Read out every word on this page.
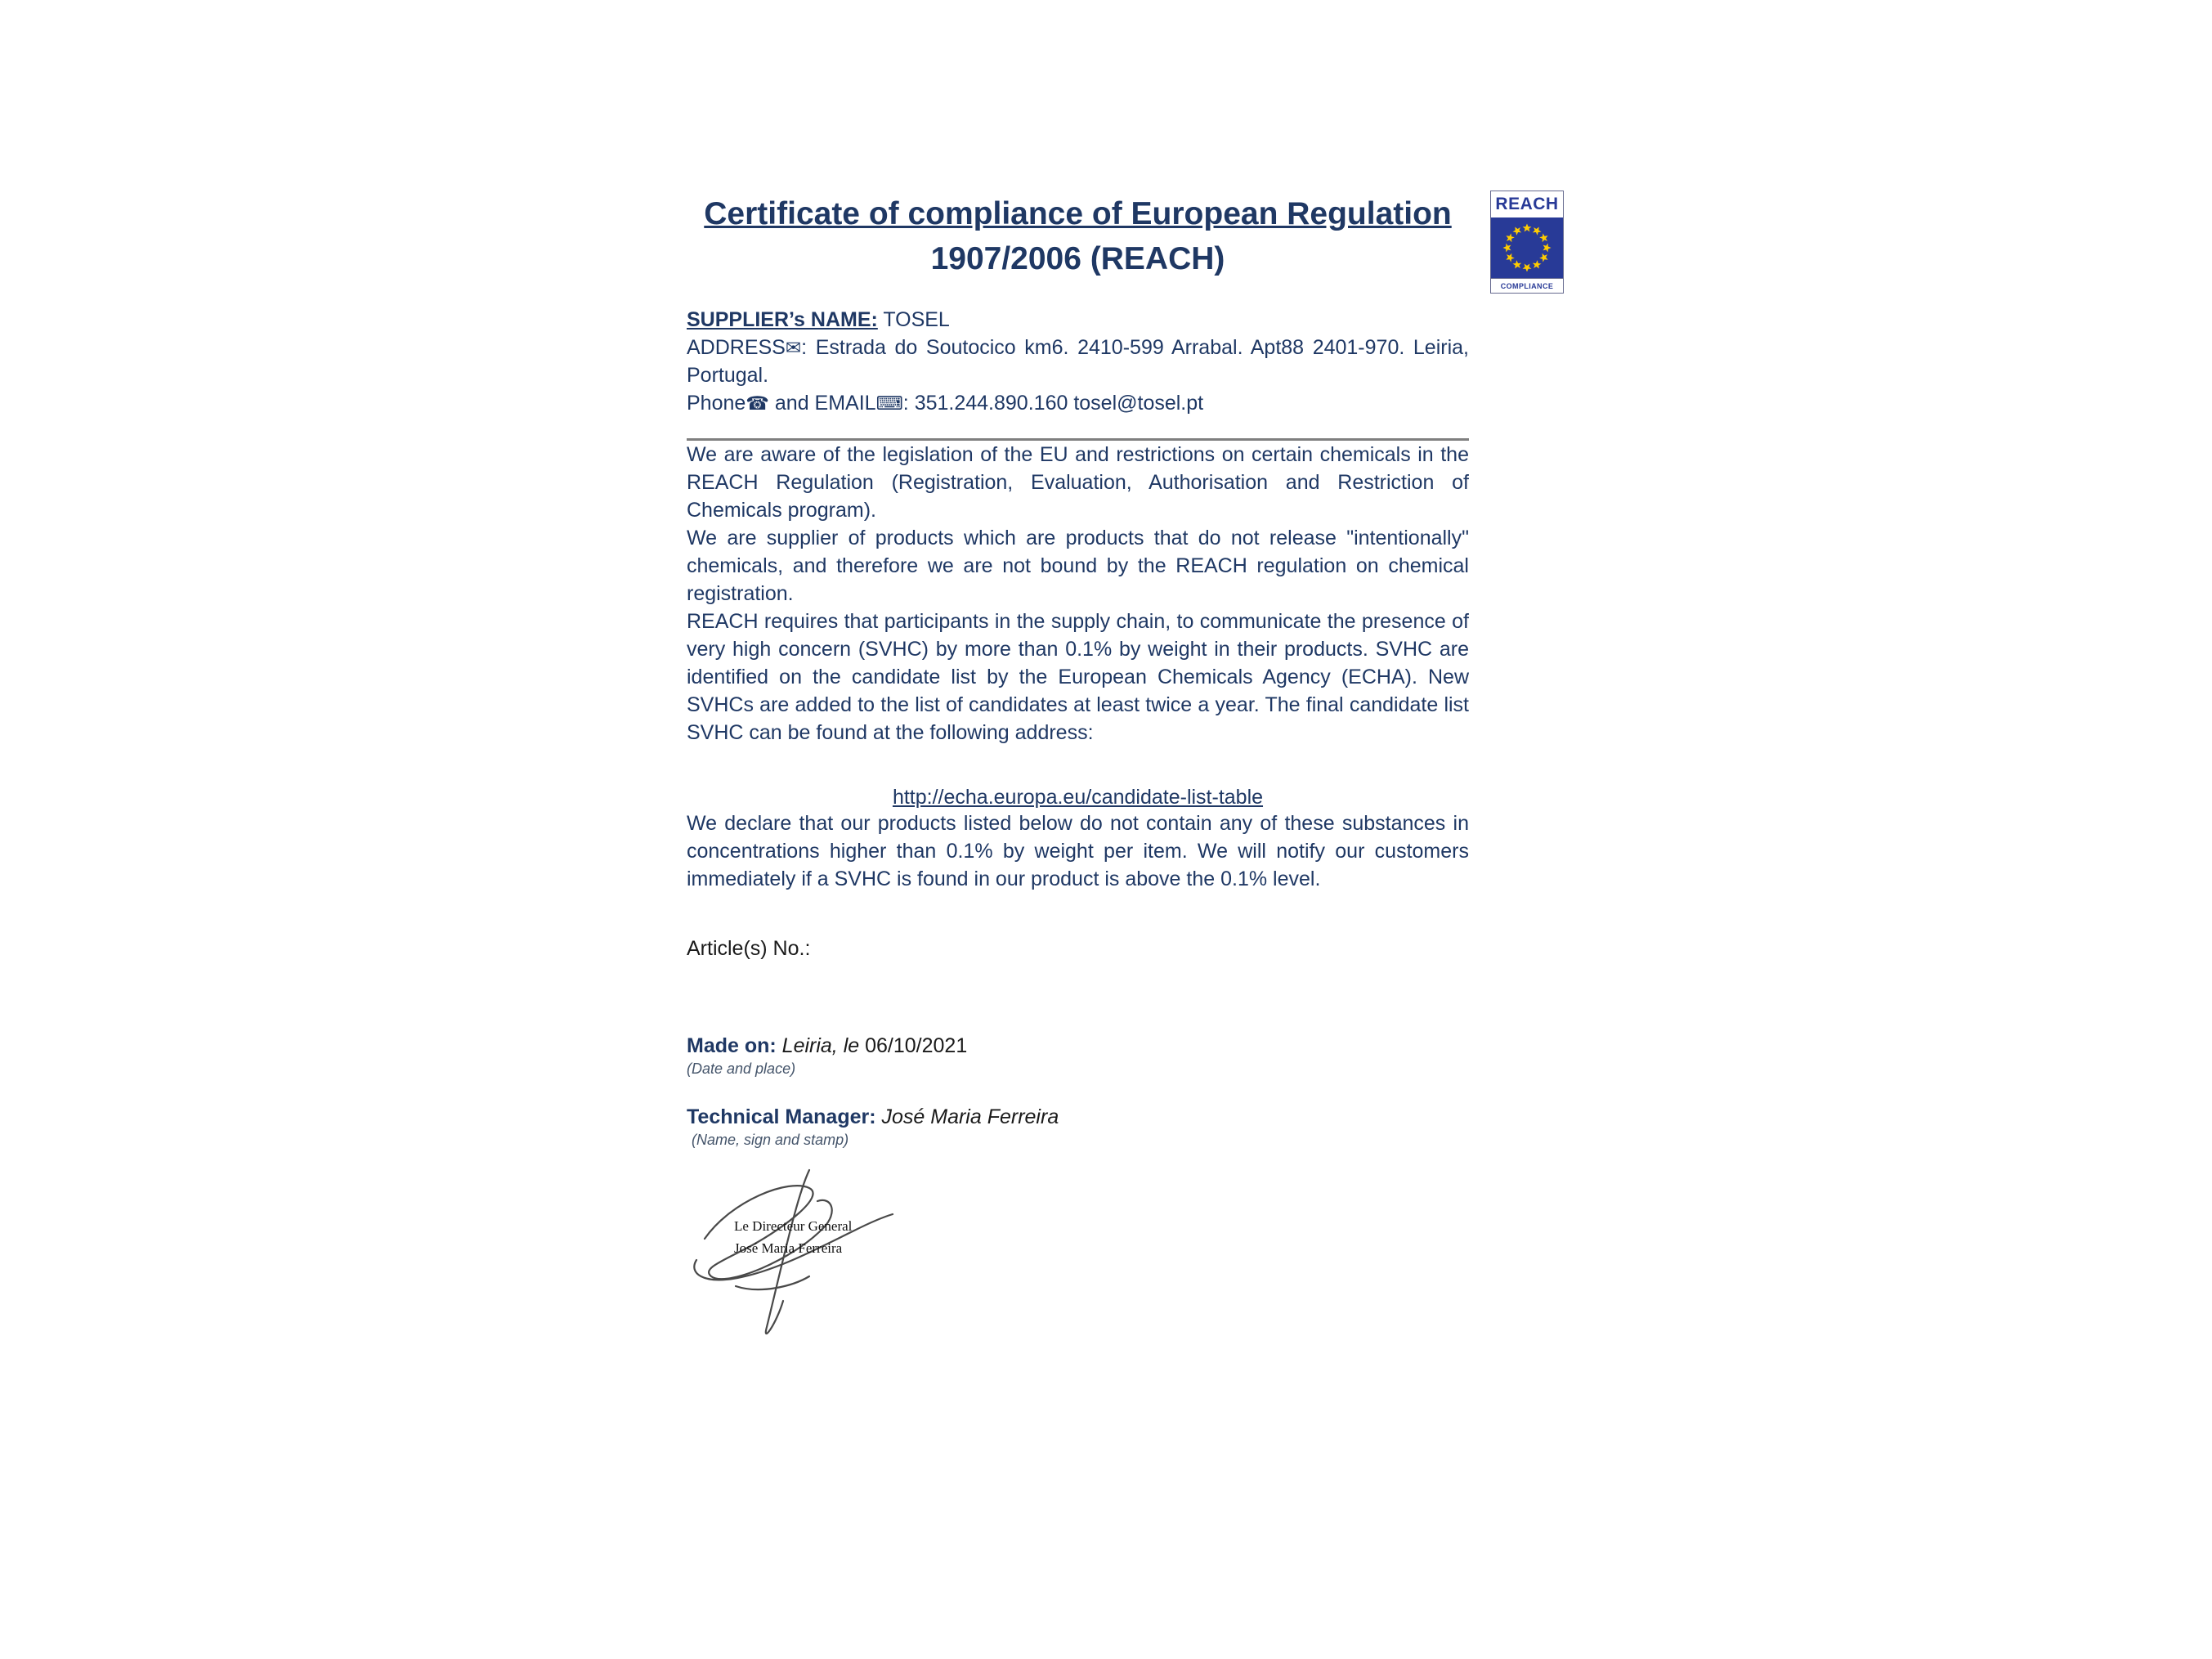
REACH
COMPLIANCE
Certificate of compliance of European Regulation
1907/2006 (REACH)
SUPPLIER’s NAME: TOSEL
ADDRESS✉: Estrada do Soutocico km6. 2410-599 Arrabal. Apt88 2401-970. Leiria, Portugal.
Phone☎ and EMAIL⌨: 351.244.890.160 tosel@tosel.pt

We are aware of the legislation of the EU and restrictions on certain chemicals in the REACH Regulation (Registration, Evaluation, Authorisation and Restriction of Chemicals program).

We are supplier of products which are products that do not release "intentionally" chemicals, and therefore we are not bound by the REACH regulation on chemical registration.

REACH requires that participants in the supply chain, to communicate the presence of very high concern (SVHC) by more than 0.1% by weight in their products. SVHC are identified on the candidate list by the European Chemicals Agency (ECHA). New SVHCs are added to the list of candidates at least twice a year. The final candidate list SVHC can be found at the following address:

http://echa.europa.eu/candidate-list-table

We declare that our products listed below do not contain any of these substances in concentrations higher than 0.1% by weight per item. We will notify our customers immediately if a SVHC is found in our product is above the 0.1% level.

Article(s) No.:
Made on: Leiria, le 06/10/2021
(Date and place)
Technical Manager: José Maria Ferreira
(Name, sign and stamp)
Le Directeur General
José Maria Ferreira
